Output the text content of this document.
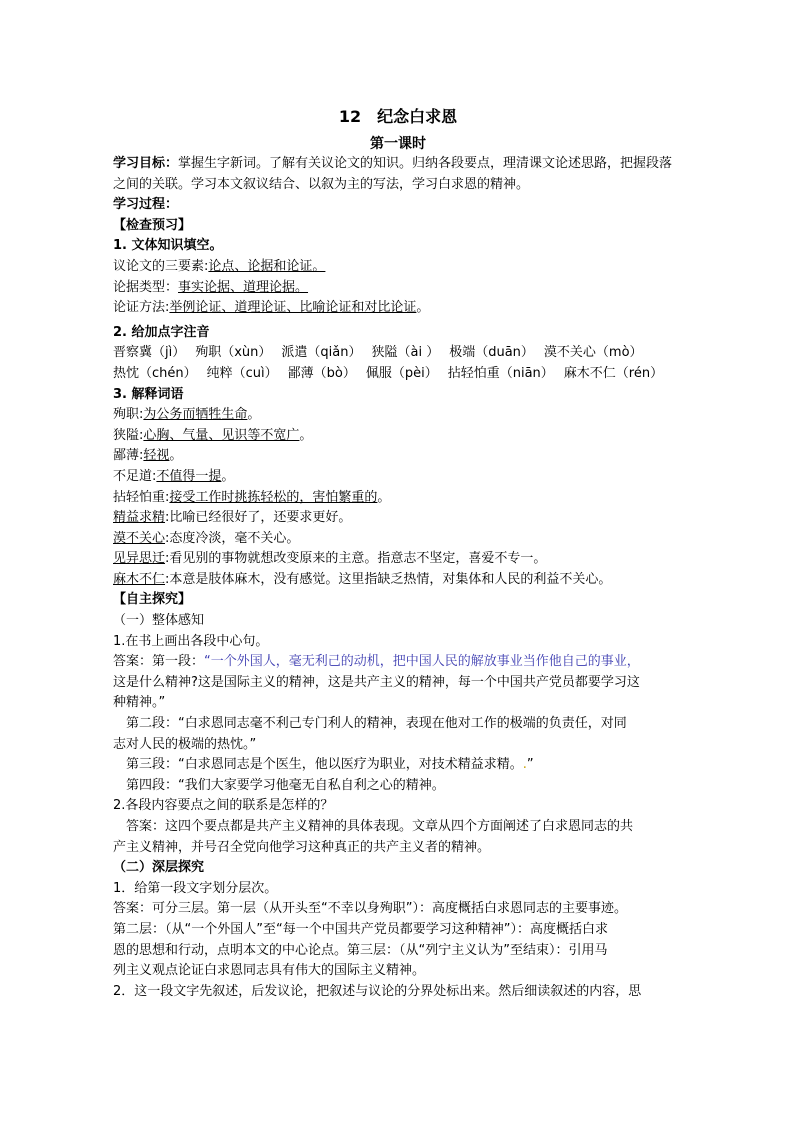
12　纪念白求恩
第一课时
学习目标：掌握生字新词。了解有关议论文的知识。归纳各段要点，理清课文论述思路，把握段落之间的关联。学习本文叙议结合、以叙为主的写法，学习白求恩的精神。
学习过程：
【检查预习】
1. 文体知识填空。
议论文的三要素:论点、论据和论证。
论据类型：事实论据、道理论据。
论证方法:举例论证、道理论证、比喻论证和对比论证。
2. 给加点字注音
晋察冀（jì） 殉职（xùn） 派遣（qiǎn） 狭隘（ài ） 极端（duān） 漠不关心（mò）
热忱（chén） 纯粹（cuì） 鄙薄（bò） 佩服（pèi） 拈轻怕重（niān） 麻木不仁（rén）
3. 解释词语
殉职:为公务而牺牲生命。
狭隘:心胸、气量、见识等不宽广。
鄙薄:轻视。
不足道:不值得一提。
拈轻怕重:接受工作时挑拣轻松的，害怕繁重的。
精益求精:比喻已经很好了，还要求更好。
漠不关心:态度冷淡，毫不关心。
见异思迁:看见别的事物就想改变原来的主意。指意志不坚定，喜爱不专一。
麻木不仁:本意是肢体麻木，没有感觉。这里指缺乏热情，对集体和人民的利益不关心。
【自主探究】
（一）整体感知
1.在书上画出各段中心句。
答案：第一段：“一个外国人，毫无利己的动机，把中国人民的解放事业当作他自己的事业，
这是什么精神?这是国际主义的精神，这是共产主义的精神，每一个中国共产党员都要学习这
种精神。”
第二段：“白求恩同志毫不利己专门利人的精神，表现在他对工作的极端的负责任，对同
志对人民的极端的热忱。”
第三段：“白求恩同志是个医生，他以医疗为职业，对技术精益求精。.”
第四段：“我们大家要学习他毫无自私自利之心的精神。
2.各段内容要点之间的联系是怎样的？
答案：这四个要点都是共产主义精神的具体表现。文章从四个方面阐述了白求恩同志的共
产主义精神，并号召全党向他学习这种真正的共产主义者的精神。
（二）深层探究
1．给第一段文字划分层次。
答案：可分三层。第一层（从开头至“不幸以身殉职”）：高度概括白求恩同志的主要事迹。
第二层：（从“一个外国人”至“每一个中国共产党员都要学习这种精神”）：高度概括白求
恩的思想和行动，点明本文的中心论点。第三层：（从“列宁主义认为”至结束）：引用马
列主义观点论证白求恩同志具有伟大的国际主义精神。
2．这一段文字先叙述，后发议论，把叙述与议论的分界处标出来。然后细读叙述的内容，思
